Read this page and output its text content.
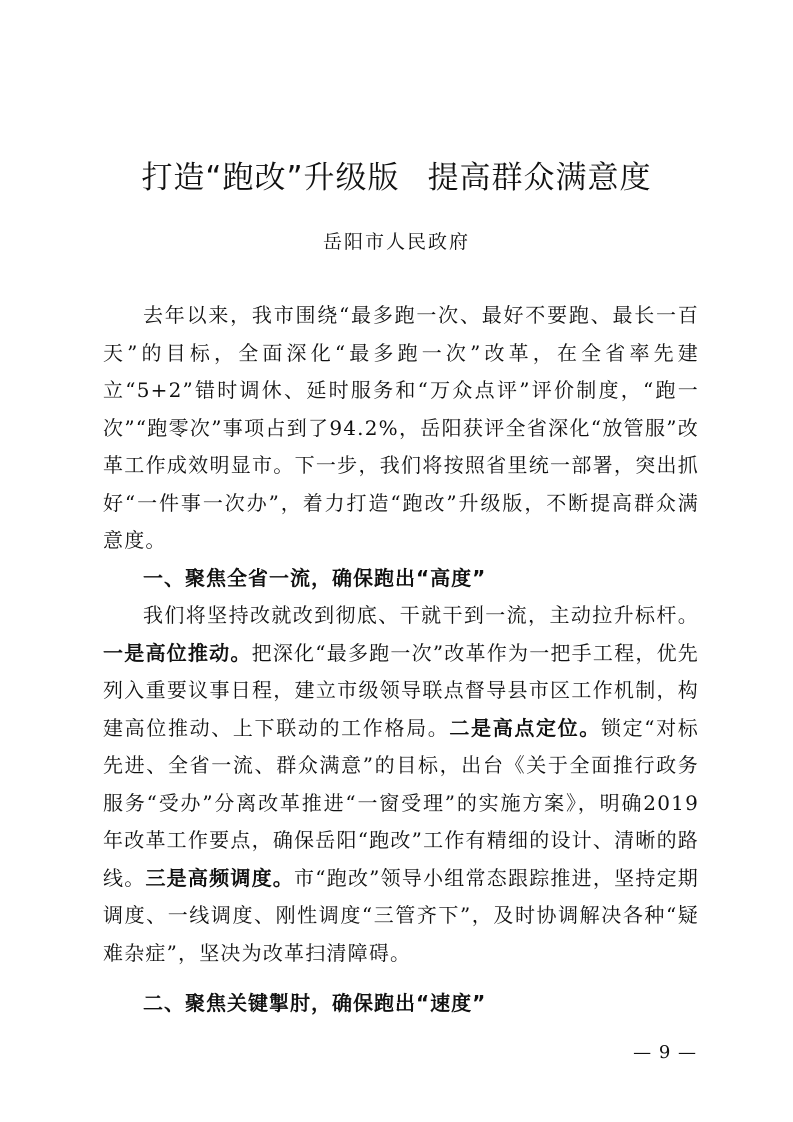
打造“跑改”升级版 提高群众满意度
岳阳市人民政府

去年以来，我市围绕“最多跑一次、最好不要跑、最长一百天”的目标，全面深化“最多跑一次”改革，在全省率先建立“5+2”错时调休、延时服务和“万众点评”评价制度，“跑一次”“跑零次”事项占到了94.2%，岳阳获评全省深化“放管服”改革工作成效明显市。下一步，我们将按照省里统一部署，突出抓好“一件事一次办”，着力打造“跑改”升级版，不断提高群众满意度。

一、聚焦全省一流，确保跑出“高度”

我们将坚持改就改到彻底、干就干到一流，主动拉升标杆。一是高位推动。把深化“最多跑一次”改革作为一把手工程，优先列入重要议事日程，建立市级领导联点督导县市区工作机制，构建高位推动、上下联动的工作格局。二是高点定位。锁定“对标先进、全省一流、群众满意”的目标，出台《关于全面推行政务服务“受办”分离改革推进“一窗受理”的实施方案》，明确2019年改革工作要点，确保岳阳“跑改”工作有精细的设计、清晰的路线。三是高频调度。市“跑改”领导小组常态跟踪推进，坚持定期调度、一线调度、刚性调度“三管齐下”，及时协调解决各种“疑难杂症”，坚决为改革扫清障碍。

二、聚焦关键掣肘，确保跑出“速度”
— 9 —
